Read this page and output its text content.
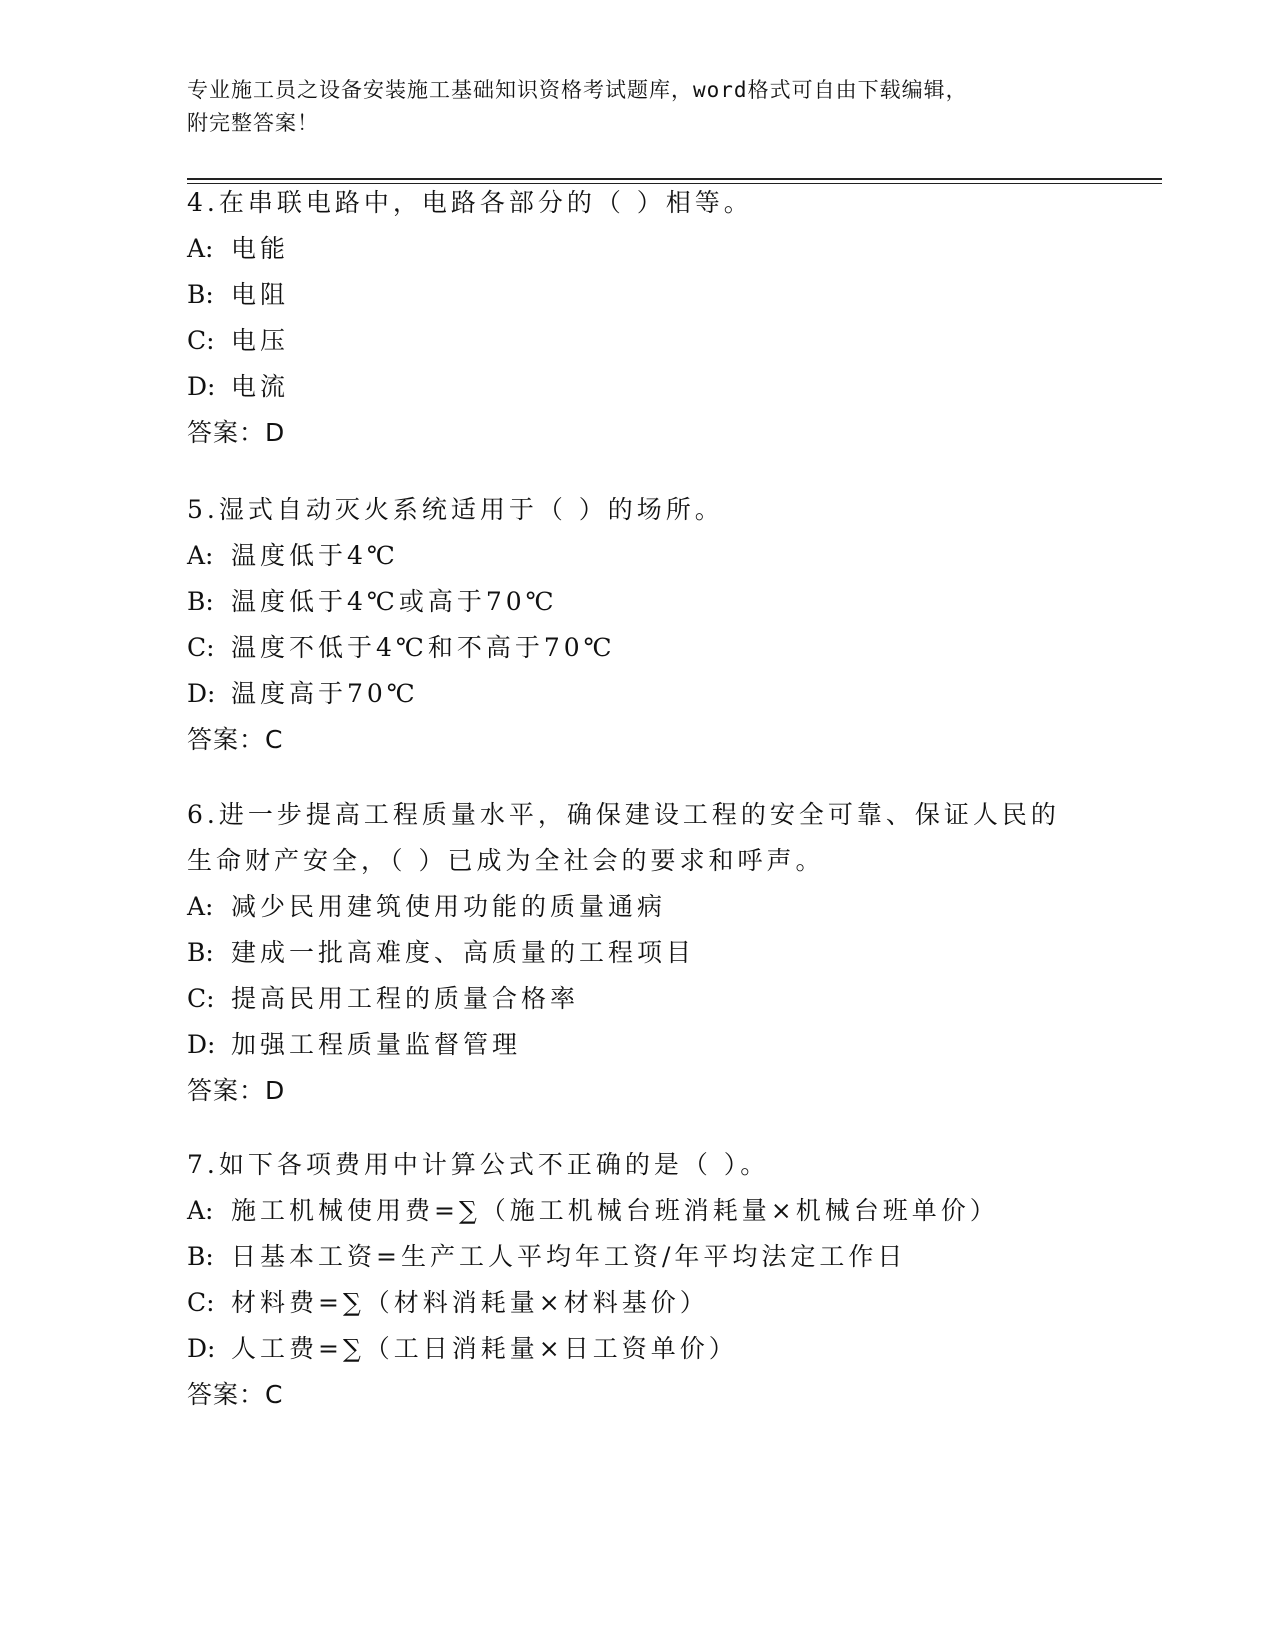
专业施工员之设备安装施工基础知识资格考试题库，word格式可自由下载编辑，
附完整答案！
4.在串联电路中，电路各部分的（ ）相等。
A: 电能
B: 电阻
C: 电压
D: 电流
答案：D
5.湿式自动灭火系统适用于（ ）的场所。
A: 温度低于4℃
B: 温度低于4℃或高于70℃
C: 温度不低于4℃和不高于70℃
D: 温度高于70℃
答案：C
6.进一步提高工程质量水平，确保建设工程的安全可靠、保证人民的
生命财产安全，（ ）已成为全社会的要求和呼声。
A: 减少民用建筑使用功能的质量通病
B: 建成一批高难度、高质量的工程项目
C: 提高民用工程的质量合格率
D: 加强工程质量监督管理
答案：D
7.如下各项费用中计算公式不正确的是（ ）。
A: 施工机械使用费=∑（施工机械台班消耗量×机械台班单价）
B: 日基本工资=生产工人平均年工资/年平均法定工作日
C: 材料费=∑（材料消耗量×材料基价）
D: 人工费=∑（工日消耗量×日工资单价）
答案：C
